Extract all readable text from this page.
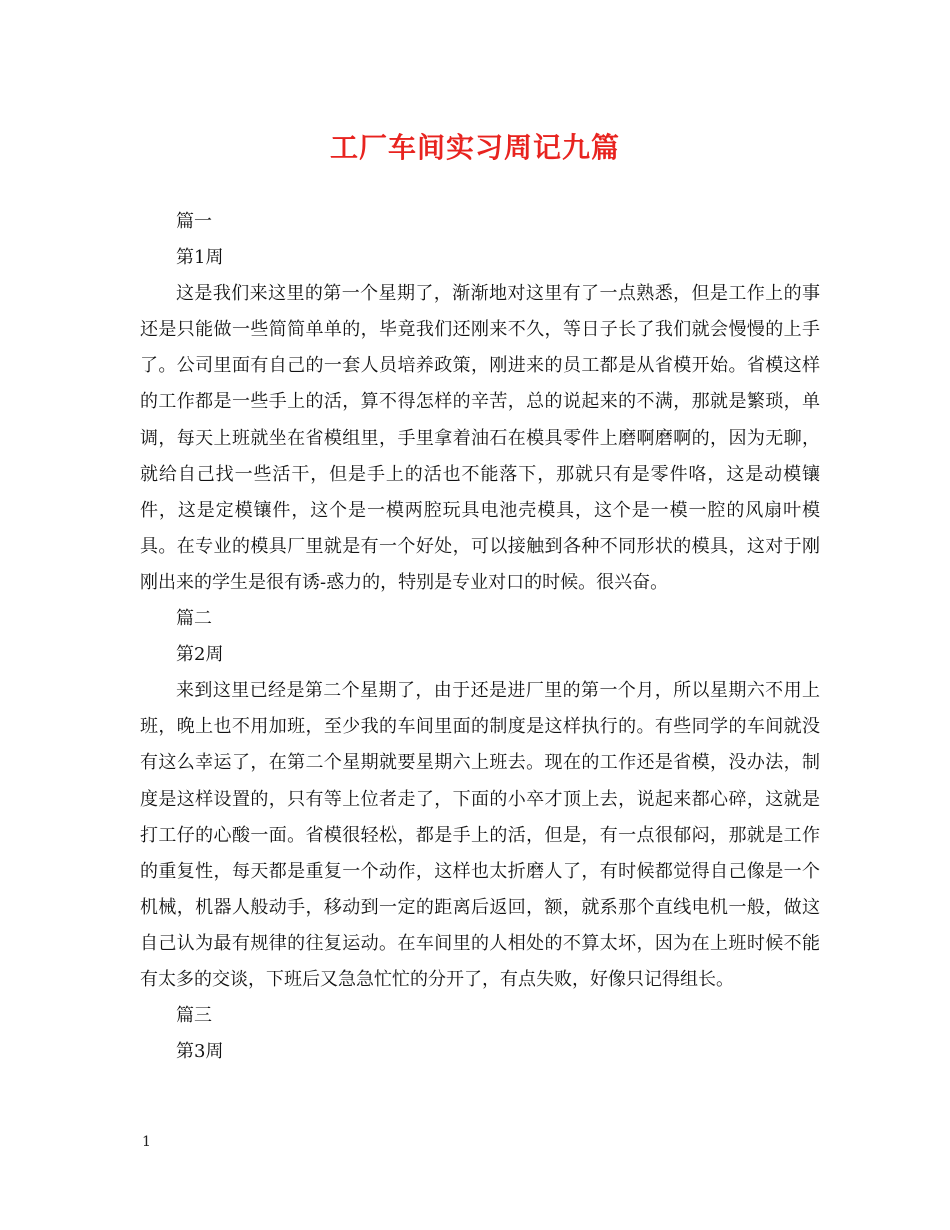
工厂车间实习周记九篇
篇一
第1周

这是我们来这里的第一个星期了，渐渐地对这里有了一点熟悉，但是工作上的事还是只能做一些简简单单的，毕竟我们还刚来不久，等日子长了我们就会慢慢的上手了。公司里面有自己的一套人员培养政策，刚进来的员工都是从省模开始。省模这样的工作都是一些手上的活，算不得怎样的辛苦，总的说起来的不满，那就是繁琐，单调，每天上班就坐在省模组里，手里拿着油石在模具零件上磨啊磨啊的，因为无聊，就给自己找一些活干，但是手上的活也不能落下，那就只有是零件咯，这是动模镶件，这是定模镶件，这个是一模两腔玩具电池壳模具，这个是一模一腔的风扇叶模具。在专业的模具厂里就是有一个好处，可以接触到各种不同形状的模具，这对于刚刚出来的学生是很有诱-惑力的，特别是专业对口的时候。很兴奋。

篇二
第2周

来到这里已经是第二个星期了，由于还是进厂里的第一个月，所以星期六不用上班，晚上也不用加班，至少我的车间里面的制度是这样执行的。有些同学的车间就没有这么幸运了，在第二个星期就要星期六上班去。现在的工作还是省模，没办法，制度是这样设置的，只有等上位者走了，下面的小卒才顶上去，说起来都心碎，这就是打工仔的心酸一面。省模很轻松，都是手上的活，但是，有一点很郁闷，那就是工作的重复性，每天都是重复一个动作，这样也太折磨人了，有时候都觉得自己像是一个机械，机器人般动手，移动到一定的距离后返回，额，就系那个直线电机一般，做这自己认为最有规律的往复运动。在车间里的人相处的不算太坏，因为在上班时候不能有太多的交谈，下班后又急急忙忙的分开了，有点失败，好像只记得组长。

篇三
第3周
1
